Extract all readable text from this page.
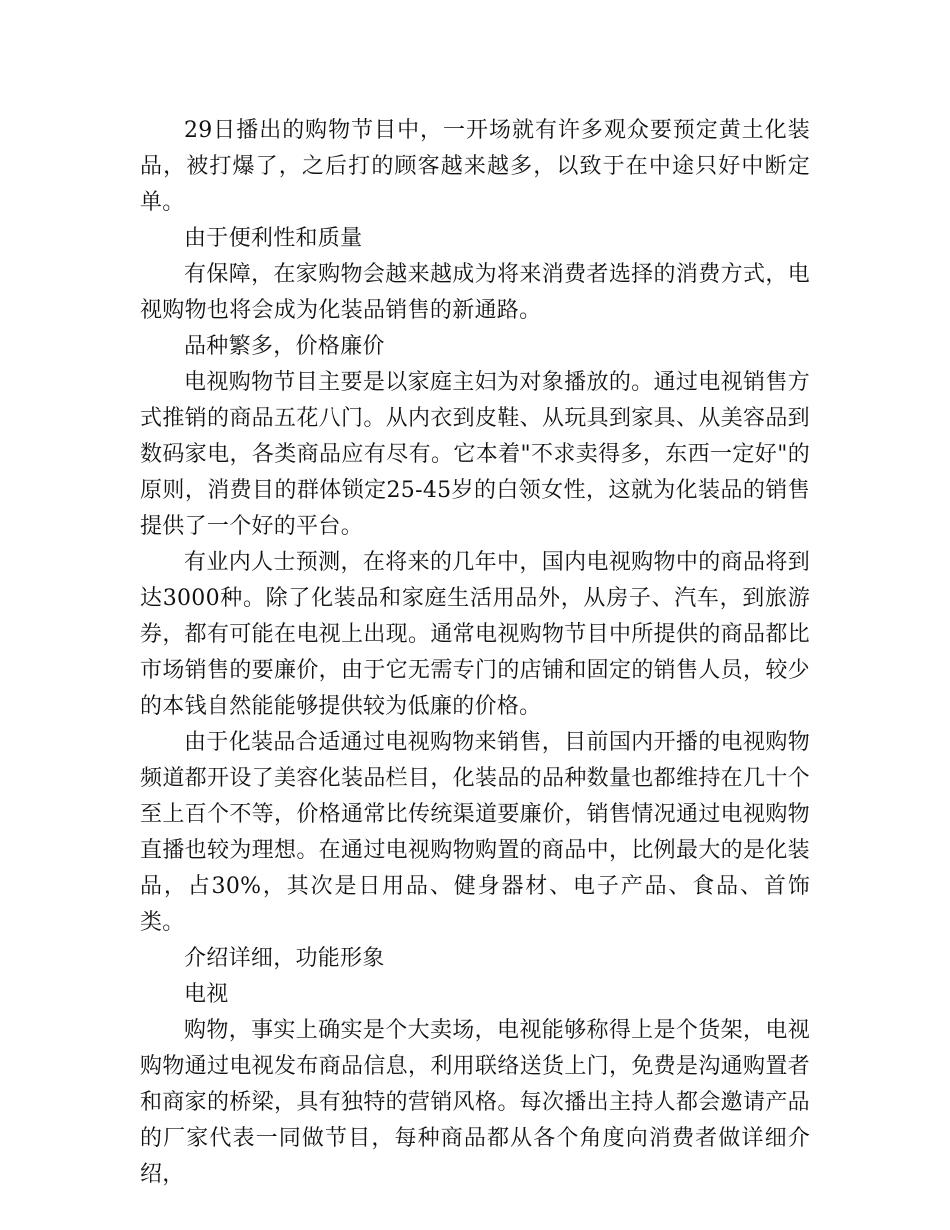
29日播出的购物节目中，一开场就有许多观众要预定黄土化装品，被打爆了，之后打的顾客越来越多，以致于在中途只好中断定单。

由于便利性和质量

有保障，在家购物会越来越成为将来消费者选择的消费方式，电视购物也将会成为化装品销售的新通路。

品种繁多，价格廉价

电视购物节目主要是以家庭主妇为对象播放的。通过电视销售方式推销的商品五花八门。从内衣到皮鞋、从玩具到家具、从美容品到数码家电，各类商品应有尽有。它本着"不求卖得多，东西一定好"的原则，消费目的群体锁定25-45岁的白领女性，这就为化装品的销售提供了一个好的平台。

有业内人士预测，在将来的几年中，国内电视购物中的商品将到达3000种。除了化装品和家庭生活用品外，从房子、汽车，到旅游券，都有可能在电视上出现。通常电视购物节目中所提供的商品都比市场销售的要廉价，由于它无需专门的店铺和固定的销售人员，较少的本钱自然能能够提供较为低廉的价格。

由于化装品合适通过电视购物来销售，目前国内开播的电视购物频道都开设了美容化装品栏目，化装品的品种数量也都维持在几十个至上百个不等，价格通常比传统渠道要廉价，销售情况通过电视购物直播也较为理想。在通过电视购物购置的商品中，比例最大的是化装品，占30%，其次是日用品、健身器材、电子产品、食品、首饰类。

介绍详细，功能形象

电视

购物，事实上确实是个大卖场，电视能够称得上是个货架，电视购物通过电视发布商品信息，利用联络送货上门，免费是沟通购置者和商家的桥梁，具有独特的营销风格。每次播出主持人都会邀请产品的厂家代表一同做节目，每种商品都从各个角度向消费者做详细介绍，
